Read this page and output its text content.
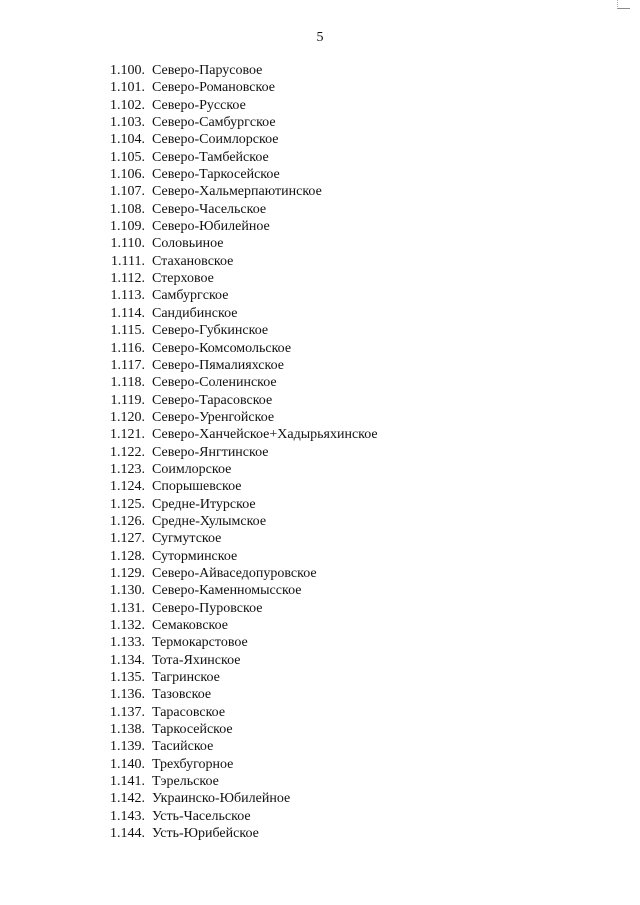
5
1.100. Северо-Парусовое
1.101. Северо-Романовское
1.102. Северо-Русское
1.103. Северо-Самбургское
1.104. Северо-Соимлорское
1.105. Северо-Тамбейское
1.106. Северо-Таркосейское
1.107. Северо-Хальмерпаютинское
1.108. Северо-Часельское
1.109. Северо-Юбилейное
1.110. Соловьиное
1.111. Стахановское
1.112. Стерховое
1.113. Самбургское
1.114. Сандибинское
1.115. Северо-Губкинское
1.116. Северо-Комсомольское
1.117. Северо-Пямалияхское
1.118. Северо-Соленинское
1.119. Северо-Тарасовское
1.120. Северо-Уренгойское
1.121. Северо-Ханчейское+Хадырьяхинское
1.122. Северо-Янгтинское
1.123. Соимлорское
1.124. Спорышевское
1.125. Средне-Итурское
1.126. Средне-Хулымское
1.127. Сугмутское
1.128. Суторминское
1.129. Северо-Айваседопуровское
1.130. Северо-Каменномысское
1.131. Северо-Пуровское
1.132. Семаковское
1.133. Термокарстовое
1.134. Тота-Яхинское
1.135. Тагринское
1.136. Тазовское
1.137. Тарасовское
1.138. Таркосейское
1.139. Тасийское
1.140. Трехбугорное
1.141. Тэрельское
1.142. Украинско-Юбилейное
1.143. Усть-Часельское
1.144. Усть-Юрибейское
